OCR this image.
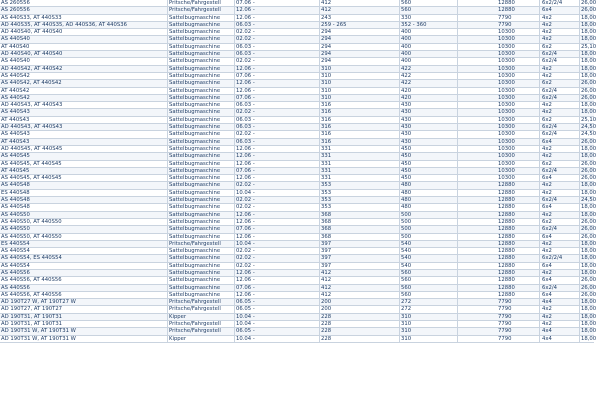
AS 260556	Pritsche/Fahrgestell	07.06 -	412	560	12880	6x2/2/4	26,00
AS 260556	Pritsche/Fahrgestell	12.06 -	412	560	12880	6x4	26,00
AS 440S33, AT 440S33	Sattelbugmaschine	12.06 -	243	330	7790	4x2	18,00
AD 440S35, AT 440S35, AD 440S36, AT 440S36	Sattelbugmaschine	06.03 -	259 - 265	352 - 360	7790	4x2	18,00
AD 440S40, AT 440S40	Sattelbugmaschine	02.02 -	294	400	10300	4x2	18,00
AS 440S40	Sattelbugmaschine	02.02 -	294	400	10300	4x2	18,00
AT 440S40	Sattelbugmaschine	06.03 -	294	400	10300	6x2	25,10
AD 440S40, AT 440S40	Sattelbugmaschine	06.03 -	294	400	10300	6x2/4	18,00
AS 440S40	Sattelbugmaschine	02.02 -	294	400	10300	6x2/4	18,00
AD 440S42, AT 440S42	Sattelbugmaschine	12.06 -	310	422	10300	4x2	18,00
AS 440S42	Sattelbugmaschine	07.06 -	310	422	10300	4x2	18,00
AS 440S42, AT 440S42	Sattelbugmaschine	12.06 -	310	422	10300	6x2	26,00
AT 440S42	Sattelbugmaschine	12.06 -	310	420	10300	6x2/4	26,00
AS 440S42	Sattelbugmaschine	07.06 -	310	420	10300	6x2/4	26,00
AD 440S43, AT 440S43	Sattelbugmaschine	06.03 -	316	430	10300	4x2	18,00
AS 440S43	Sattelbugmaschine	02.02 -	316	430	10300	4x2	18,00
AT 440S43	Sattelbugmaschine	06.03 -	316	430	10300	6x2	25,10
AD 440S43, AT 440S43	Sattelbugmaschine	06.03 -	316	430	10300	6x2/4	24,50
AS 440S43	Sattelbugmaschine	02.02 -	316	430	10300	6x2/4	24,50
AT 440S43	Sattelbugmaschine	06.03 -	316	430	10300	6x4	26,00
AD 440S45, AT 440S45	Sattelbugmaschine	12.06 -	331	450	10300	4x2	18,00
AS 440S45	Sattelbugmaschine	12.06 -	331	450	10300	4x2	18,00
AS 440S45, AT 440S45	Sattelbugmaschine	12.06 -	331	450	10300	6x2	26,00
AT 440S45	Sattelbugmaschine	07.06 -	331	450	10300	6x2/4	26,00
AS 440S45, AT 440S45	Sattelbugmaschine	12.06 -	331	450	10300	6x4	26,00
AS 440S48	Sattelbugmaschine	02.02 -	353	480	12880	4x2	18,00
ES 440S48	Sattelbugmaschine	10.04 -	353	480	12880	4x2	18,00
AS 440S48	Sattelbugmaschine	02.02 -	353	480	12880	6x2/4	24,50
AS 440S48	Sattelbugmaschine	02.02 -	353	480	12880	6x4	18,00
AS 440S50	Sattelbugmaschine	12.06 -	368	500	12880	4x2	18,00
AS 440S50, AT 440S50	Sattelbugmaschine	12.06 -	368	500	12880	6x2	26,00
AS 440S50	Sattelbugmaschine	07.06 -	368	500	12880	6x2/4	26,00
AS 440S50, AT 440S50	Sattelbugmaschine	12.06 -	368	500	12880	6x4	26,00
ES 440S54	Pritsche/Fahrgestell	10.04 -	397	540	12880	4x2	18,00
AS 440S54	Sattelbugmaschine	02.02 -	397	540	12880	4x2	18,00
AS 440S54, ES 440S54	Sattelbugmaschine	02.02 -	397	540	12880	6x2/2/4	18,00
AS 440S54	Sattelbugmaschine	02.02 -	397	540	12880	6x4	18,00
AS 440S56	Sattelbugmaschine	12.06 -	412	560	12880	4x2	18,00
AS 440S56, AT 440S56	Sattelbugmaschine	12.06 -	412	560	12880	6x4	26,00
AS 440S56	Sattelbugmaschine	07.06 -	412	560	12880	6x2/4	26,00
AS 440S56, AT 440S56	Sattelbugmaschine	12.06 -	412	560	12880	6x4	26,00
AD 190T27 W, AT 190T27 W	Pritsche/Fahrgestell	06.05 -	200	272	7790	4x4	18,00
AD 190T27, AT 190T27	Pritsche/Fahrgestell	06.05 -	200	272	7790	4x2	18,00
AD 190T31, AT 190T31	Kipper	10.04 -	228	310	7790	4x2	18,00
AD 190T31, AT 190T31	Pritsche/Fahrgestell	10.04 -	228	310	7790	4x2	18,00
AD 190T31 W, AT 190T31 W	Pritsche/Fahrgestell	06.05 -	228	310	7790	4x4	18,00
AD 190T31 W, AT 190T31 W	Kipper	10.04 -	228	310	7790	4x4	18,00
